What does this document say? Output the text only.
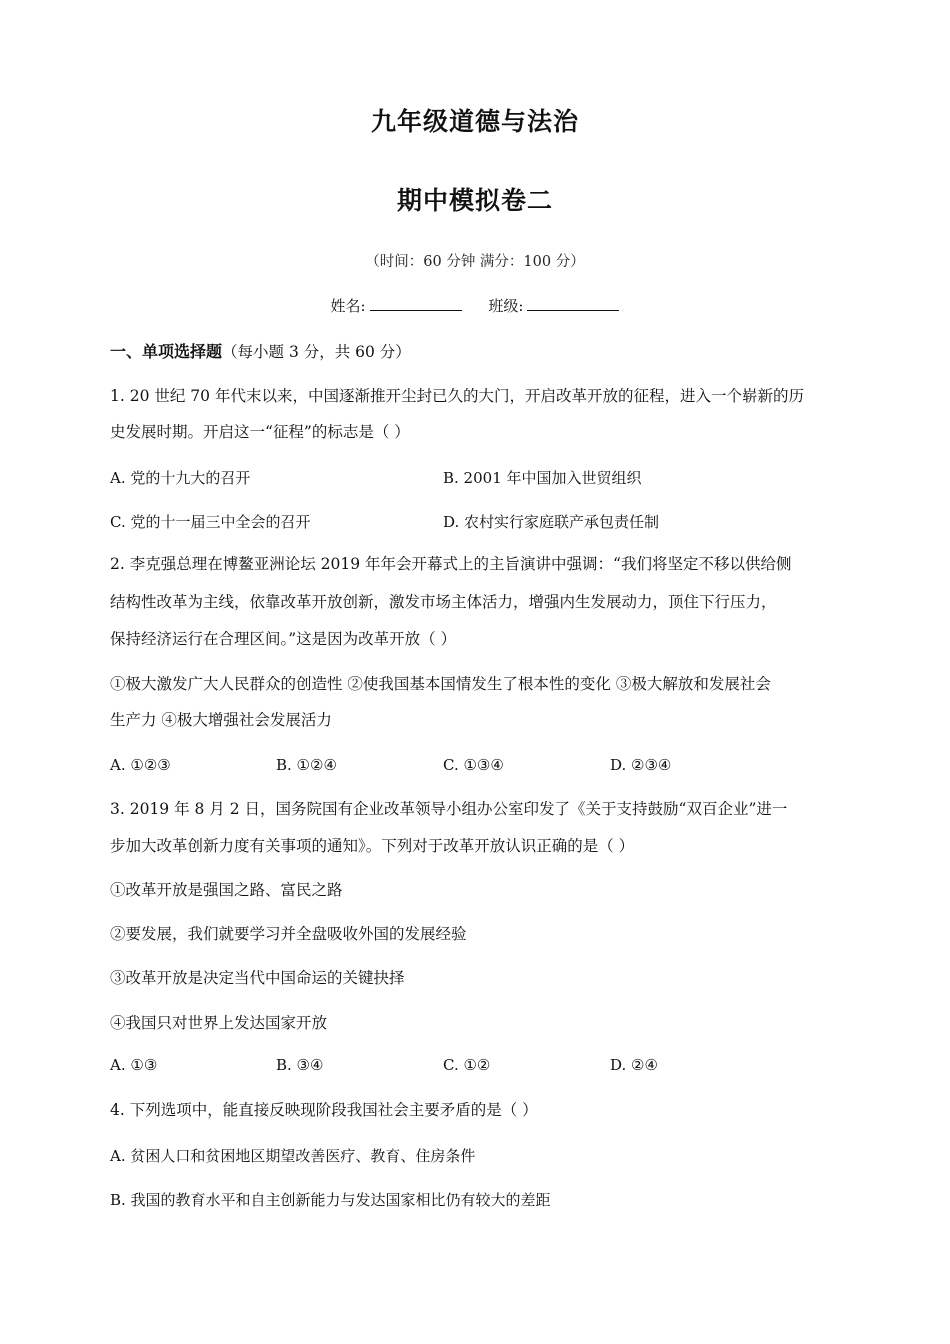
九年级道德与法治
期中模拟卷二
（时间：60 分钟 满分：100 分）
姓名:	班级:
一、单项选择题（每小题 3 分，共 60 分）
1. 20 世纪 70 年代末以来，中国逐渐推开尘封已久的大门，开启改革开放的征程，进入一个崭新的历
史发展时期。开启这一“征程”的标志是（ ）
A. 党的十九大的召开	B. 2001 年中国加入世贸组织
C. 党的十一届三中全会的召开	D. 农村实行家庭联产承包责任制
2. 李克强总理在博鳌亚洲论坛 2019 年年会开幕式上的主旨演讲中强调：“我们将坚定不移以供给侧
结构性改革为主线，依靠改革开放创新，激发市场主体活力，增强内生发展动力，顶住下行压力，
保持经济运行在合理区间。”这是因为改革开放（ ）
①极大激发广大人民群众的创造性 ②使我国基本国情发生了根本性的变化 ③极大解放和发展社会
生产力 ④极大增强社会发展活力
A. ①②③	B. ①②④	C. ①③④	D. ②③④
3. 2019 年 8 月 2 日，国务院国有企业改革领导小组办公室印发了《关于支持鼓励“双百企业”进一
步加大改革创新力度有关事项的通知》。下列对于改革开放认识正确的是（ ）
①改革开放是强国之路、富民之路
②要发展，我们就要学习并全盘吸收外国的发展经验
③改革开放是决定当代中国命运的关键抉择
④我国只对世界上发达国家开放
A. ①③	B. ③④	C. ①②	D. ②④
4. 下列选项中，能直接反映现阶段我国社会主要矛盾的是（ ）
A. 贫困人口和贫困地区期望改善医疗、教育、住房条件
B. 我国的教育水平和自主创新能力与发达国家相比仍有较大的差距
